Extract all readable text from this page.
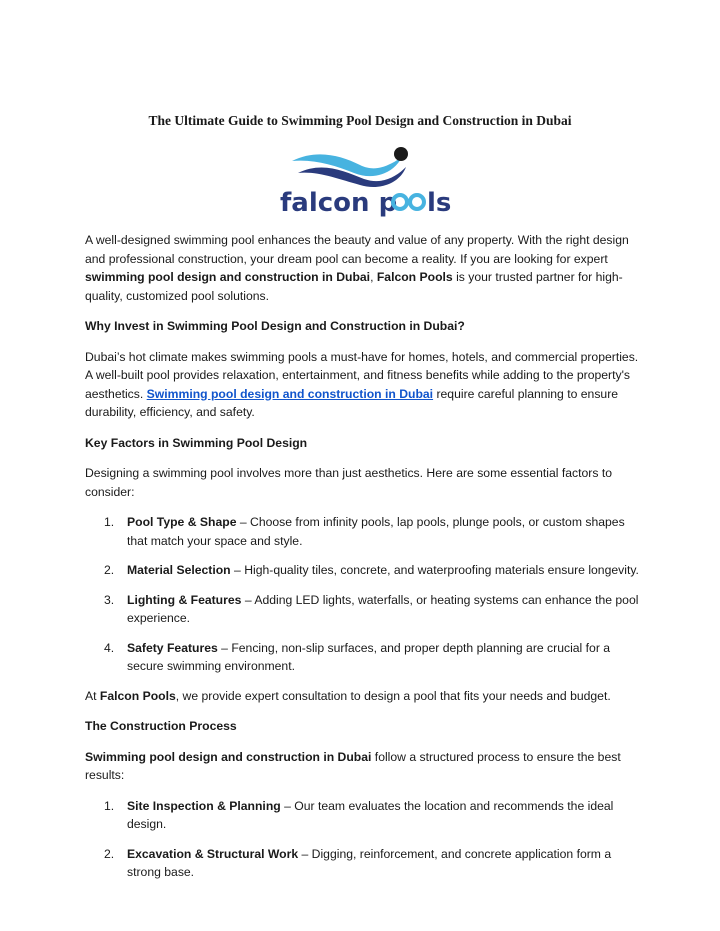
The Ultimate Guide to Swimming Pool Design and Construction in Dubai
falcon p ls

A well-designed swimming pool enhances the beauty and value of any property. With the right design and professional construction, your dream pool can become a reality. If you are looking for expert swimming pool design and construction in Dubai, Falcon Pools is your trusted partner for high-quality, customized pool solutions.

Why Invest in Swimming Pool Design and Construction in Dubai?

Dubai’s hot climate makes swimming pools a must-have for homes, hotels, and commercial properties. A well-built pool provides relaxation, entertainment, and fitness benefits while adding to the property's aesthetics. Swimming pool design and construction in Dubai require careful planning to ensure durability, efficiency, and safety.

Key Factors in Swimming Pool Design

Designing a swimming pool involves more than just aesthetics. Here are some essential factors to consider:

1. Pool Type & Shape – Choose from infinity pools, lap pools, plunge pools, or custom shapes that match your space and style.
2. Material Selection – High-quality tiles, concrete, and waterproofing materials ensure longevity.
3. Lighting & Features – Adding LED lights, waterfalls, or heating systems can enhance the pool experience.
4. Safety Features – Fencing, non-slip surfaces, and proper depth planning are crucial for a secure swimming environment.

At Falcon Pools, we provide expert consultation to design a pool that fits your needs and budget.

The Construction Process

Swimming pool design and construction in Dubai follow a structured process to ensure the best results:

1. Site Inspection & Planning – Our team evaluates the location and recommends the ideal design.
2. Excavation & Structural Work – Digging, reinforcement, and concrete application form a strong base.
